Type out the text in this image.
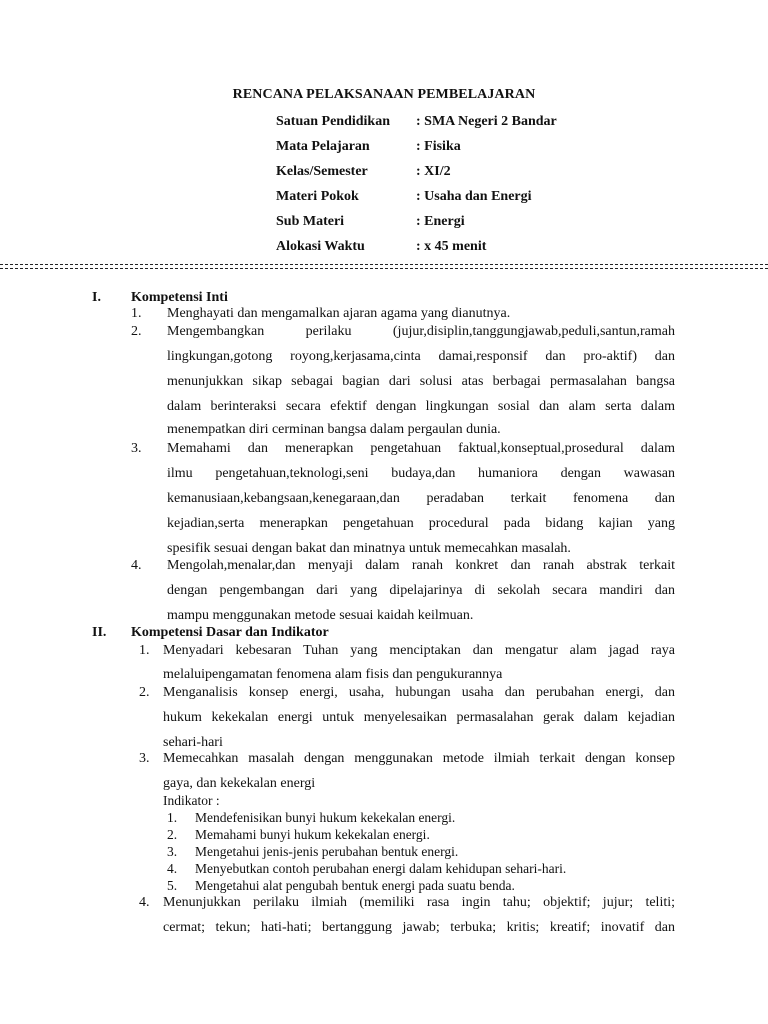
RENCANA PELAKSANAAN PEMBELAJARAN
Satuan Pendidikan : SMA Negeri 2 Bandar
Mata Pelajaran	: Fisika
Kelas/Semester	: XI/2
Materi Pokok	: Usaha dan Energi
Sub Materi	: Energi
Alokasi Waktu	: x 45 menit
I. Kompetensi Inti
1. Menghayati dan mengamalkan ajaran agama yang dianutnya.
2. Mengembangkan perilaku (jujur,disiplin,tanggungjawab,peduli,santun,ramah
lingkungan,gotong royong,kerjasama,cinta damai,responsif dan pro-aktif) dan
menunjukkan sikap sebagai bagian dari solusi atas berbagai permasalahan bangsa
dalam berinteraksi secara efektif dengan lingkungan sosial dan alam serta dalam
menempatkan diri cerminan bangsa dalam pergaulan dunia.
3. Memahami dan menerapkan pengetahuan faktual,konseptual,prosedural dalam
ilmu pengetahuan,teknologi,seni budaya,dan humaniora dengan wawasan
kemanusiaan,kebangsaan,kenegaraan,dan peradaban terkait fenomena dan
kejadian,serta menerapkan pengetahuan procedural pada bidang kajian yang
spesifik sesuai dengan bakat dan minatnya untuk memecahkan masalah.
4. Mengolah,menalar,dan menyaji dalam ranah konkret dan ranah abstrak terkait
dengan pengembangan dari yang dipelajarinya di sekolah secara mandiri dan
mampu menggunakan metode sesuai kaidah keilmuan.
II. Kompetensi Dasar dan Indikator
1. Menyadari kebesaran Tuhan yang menciptakan dan mengatur alam jagad raya
melaluipengamatan fenomena alam fisis dan pengukurannya
2. Menganalisis konsep energi, usaha, hubungan usaha dan perubahan energi, dan
hukum kekekalan energi untuk menyelesaikan permasalahan gerak dalam kejadian
sehari-hari
3. Memecahkan masalah dengan menggunakan metode ilmiah terkait dengan konsep
gaya, dan kekekalan energi
Indikator :
1. Mendefenisikan bunyi hukum kekekalan energi.
2. Memahami bunyi hukum kekekalan energi.
3. Mengetahui jenis-jenis perubahan bentuk energi.
4. Menyebutkan contoh perubahan energi dalam kehidupan sehari-hari.
5. Mengetahui alat pengubah bentuk energi pada suatu benda.
4. Menunjukkan perilaku ilmiah (memiliki rasa ingin tahu; objektif; jujur; teliti;
cermat; tekun; hati-hati; bertanggung jawab; terbuka; kritis; kreatif; inovatif dan
